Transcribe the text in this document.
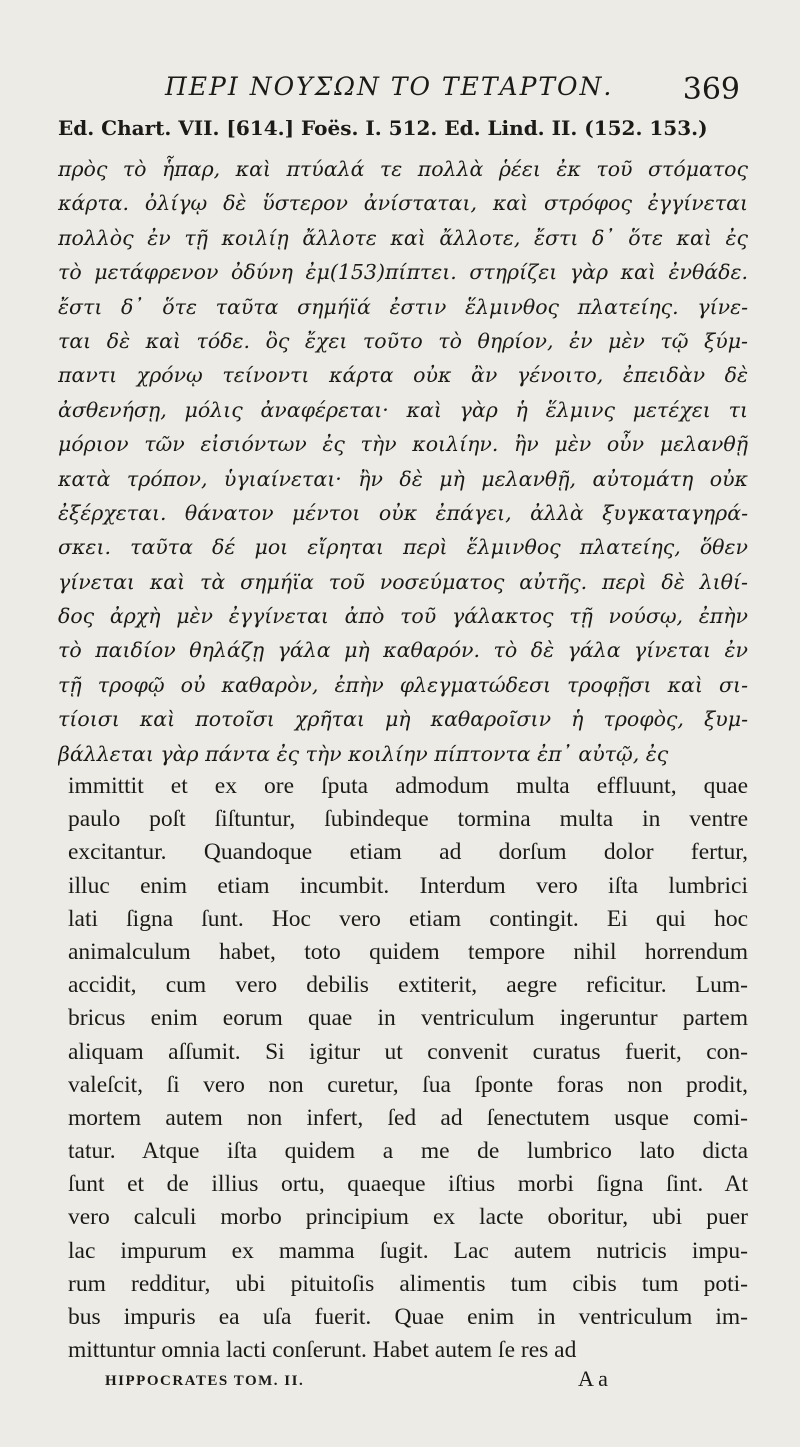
ΠΕΡΙ ΝΟΥΣΩΝ ΤΟ ΤΕΤΑΡΤΟΝ.	369
Ed. Chart. VII. [614.] Foës. I. 512. Ed. Lind. II. (152. 153.)
πρὸς τὸ ἧπαρ, καὶ πτύαλά τε πολλὰ ῥέει ἐκ τοῦ στόματος
κάρτα. ὀλίγῳ δὲ ὕστερον ἀνίσταται, καὶ στρόφος ἐγγίνεται
πολλὸς ἐν τῇ κοιλίῃ ἄλλοτε καὶ ἄλλοτε, ἔστι δ᾽ ὅτε καὶ ἐς
τὸ μετάφρενον ὀδύνη ἐμ(153)πίπτει. στηρίζει γὰρ καὶ ἐνθάδε.
ἔστι δ᾽ ὅτε ταῦτα σημήϊά ἐστιν ἕλμινθος πλατείης. γίνε-
ται δὲ καὶ τόδε. ὃς ἔχει τοῦτο τὸ θηρίον, ἐν μὲν τῷ ξύμ-
παντι χρόνῳ τείνοντι κάρτα οὐκ ἂν γένοιτο, ἐπειδὰν δὲ
ἀσθενήσῃ, μόλις ἀναφέρεται· καὶ γὰρ ἡ ἕλμινς μετέχει τι
μόριον τῶν εἰσιόντων ἐς τὴν κοιλίην. ἢν μὲν οὖν μελανθῇ
κατὰ τρόπον, ὑγιαίνεται· ἢν δὲ μὴ μελανθῇ, αὐτομάτη οὐκ
ἐξέρχεται. θάνατον μέντοι οὐκ ἐπάγει, ἀλλὰ ξυγκαταγηρά-
σκει. ταῦτα δέ μοι εἴρηται περὶ ἕλμινθος πλατείης, ὅθεν
γίνεται καὶ τὰ σημήϊα τοῦ νοσεύματος αὐτῆς. περὶ δὲ λιθί-
δος ἀρχὴ μὲν ἐγγίνεται ἀπὸ τοῦ γάλακτος τῇ νούσῳ, ἐπὴν
τὸ παιδίον θηλάζῃ γάλα μὴ καθαρόν. τὸ δὲ γάλα γίνεται ἐν
τῇ τροφῷ οὐ καθαρὸν, ἐπὴν φλεγματώδεσι τροφῇσι καὶ σι-
τίοισι καὶ ποτοῖσι χρῆται μὴ καθαροῖσιν ἡ τροφὸς, ξυμ-
βάλλεται γὰρ πάντα ἐς τὴν κοιλίην πίπτοντα ἐπ᾽ αὐτῷ, ἐς
immittit et ex ore ſputa admodum multa effluunt, quae
paulo poſt ſiſtuntur, ſubindeque tormina multa in ventre
excitantur. Quandoque etiam ad dorſum dolor fertur,
illuc enim etiam incumbit. Interdum vero iſta lumbrici
lati ſigna ſunt. Hoc vero etiam contingit. Ei qui hoc
animalculum habet, toto quidem tempore nihil horrendum
accidit, cum vero debilis extiterit, aegre reficitur. Lum-
bricus enim eorum quae in ventriculum ingeruntur partem
aliquam aſſumit. Si igitur ut convenit curatus fuerit, con-
valeſcit, ſi vero non curetur, ſua ſponte foras non prodit,
mortem autem non infert, ſed ad ſenectutem usque comi-
tatur. Atque iſta quidem a me de lumbrico lato dicta
ſunt et de illius ortu, quaeque iſtius morbi ſigna ſint. At
vero calculi morbo principium ex lacte oboritur, ubi puer
lac impurum ex mamma ſugit. Lac autem nutricis impu-
rum redditur, ubi pituitoſis alimentis tum cibis tum poti-
bus impuris ea uſa fuerit. Quae enim in ventriculum im-
mittuntur omnia lacti conſerunt. Habet autem ſe res ad
HIPPOCRATES TOM. II.	A a
